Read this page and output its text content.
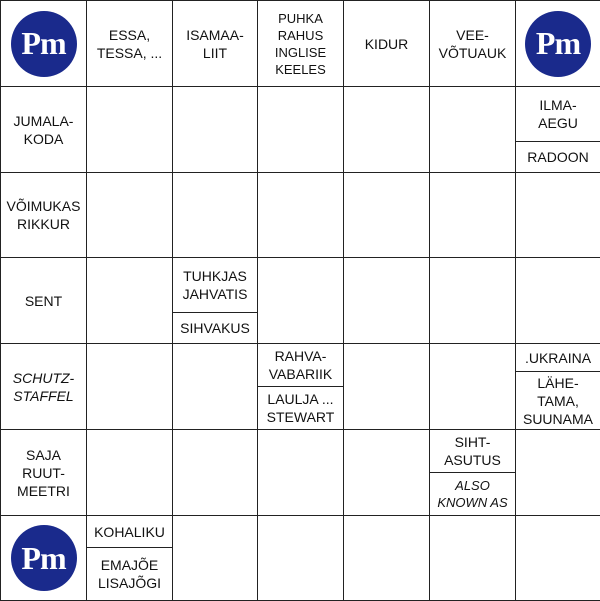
Pm	ESSA,
TESSA, ...
ISAMAA-
LIIT
PUHKA
RAHUS
INGLISE
KEELES
KIDUR
VEE-
VÕTUAUK Pm
JUMALA-
KODA
ILMA-
AEGU
RADOON
VÕIMUKAS
RIKKUR
SENT
TUHKJAS
JAHVATIS
SIHVAKUS
SCHUTZ-
STAFFEL
RAHVA-
VABARIIK
LAULJA ...
STEWART
.UKRAINA
LÄHE-
TAMA,
SUUNAMA
SAJA
RUUT-
MEETRI
SIHT-
ASUTUS
ALSO
KNOWN AS
Pm
KOHALIKU
EMAJÕE
LISAJÕGI
